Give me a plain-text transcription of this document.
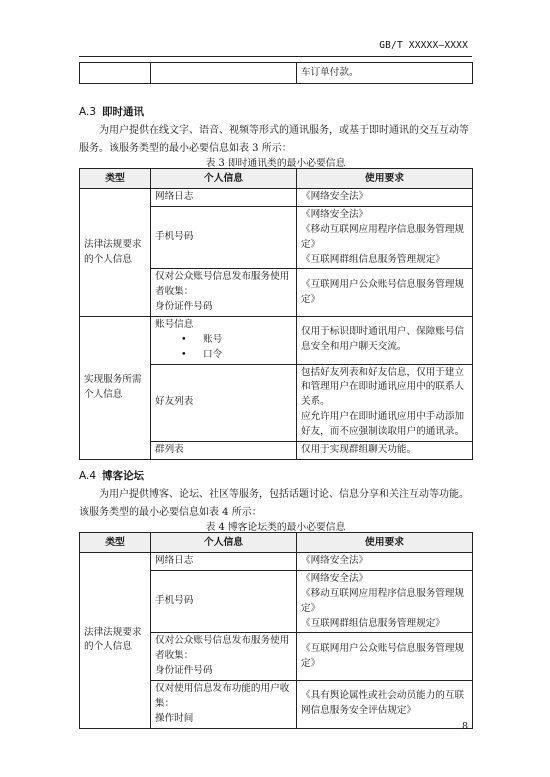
GB/T XXXXX—XXXX
		车订单付款。
A.3 即时通讯
为用户提供在线文字、语音、视频等形式的通讯服务，或基于即时通讯的交互互动等服务。该服务类型的最小必要信息如表 3 所示：
表 3 即时通讯类的最小必要信息
类型	个人信息	使用要求
法律法规要求的个人信息	网络日志	《网络安全法》
	手机号码	《网络安全法》
《移动互联网应用程序信息服务管理规定》
《互联网群组信息服务管理规定》

	仅对公众账号信息发布服务使用者收集：
身份证件号码	《互联网用户公众账号信息服务管理规定》
实现服务所需个人信息	账号信息
• 账号
• 口令	仅用于标识即时通讯用户、保障账号信息安全和用户聊天交流。
	好友列表	包括好友列表和好友信息，仅用于建立和管理用户在即时通讯应用中的联系人关系。
应允许用户在即时通讯应用中手动添加好友，而不应强制读取用户的通讯录。

	群列表	仅用于实现群组聊天功能。
A.4 博客论坛
为用户提供博客、论坛、社区等服务，包括话题讨论、信息分享和关注互动等功能。该服务类型的最小必要信息如表 4 所示：
表 4 博客论坛类的最小必要信息
类型	个人信息	使用要求
法律法规要求的个人信息	网络日志	《网络安全法》
	手机号码	《网络安全法》
《移动互联网应用程序信息服务管理规定》
《互联网群组信息服务管理规定》

	仅对公众账号信息发布服务使用者收集：
身份证件号码	《互联网用户公众账号信息服务管理规定》

	仅对使用信息发布功能的用户收集：
操作时间	《具有舆论属性或社会动员能力的互联网信息服务安全评估规定》
8
